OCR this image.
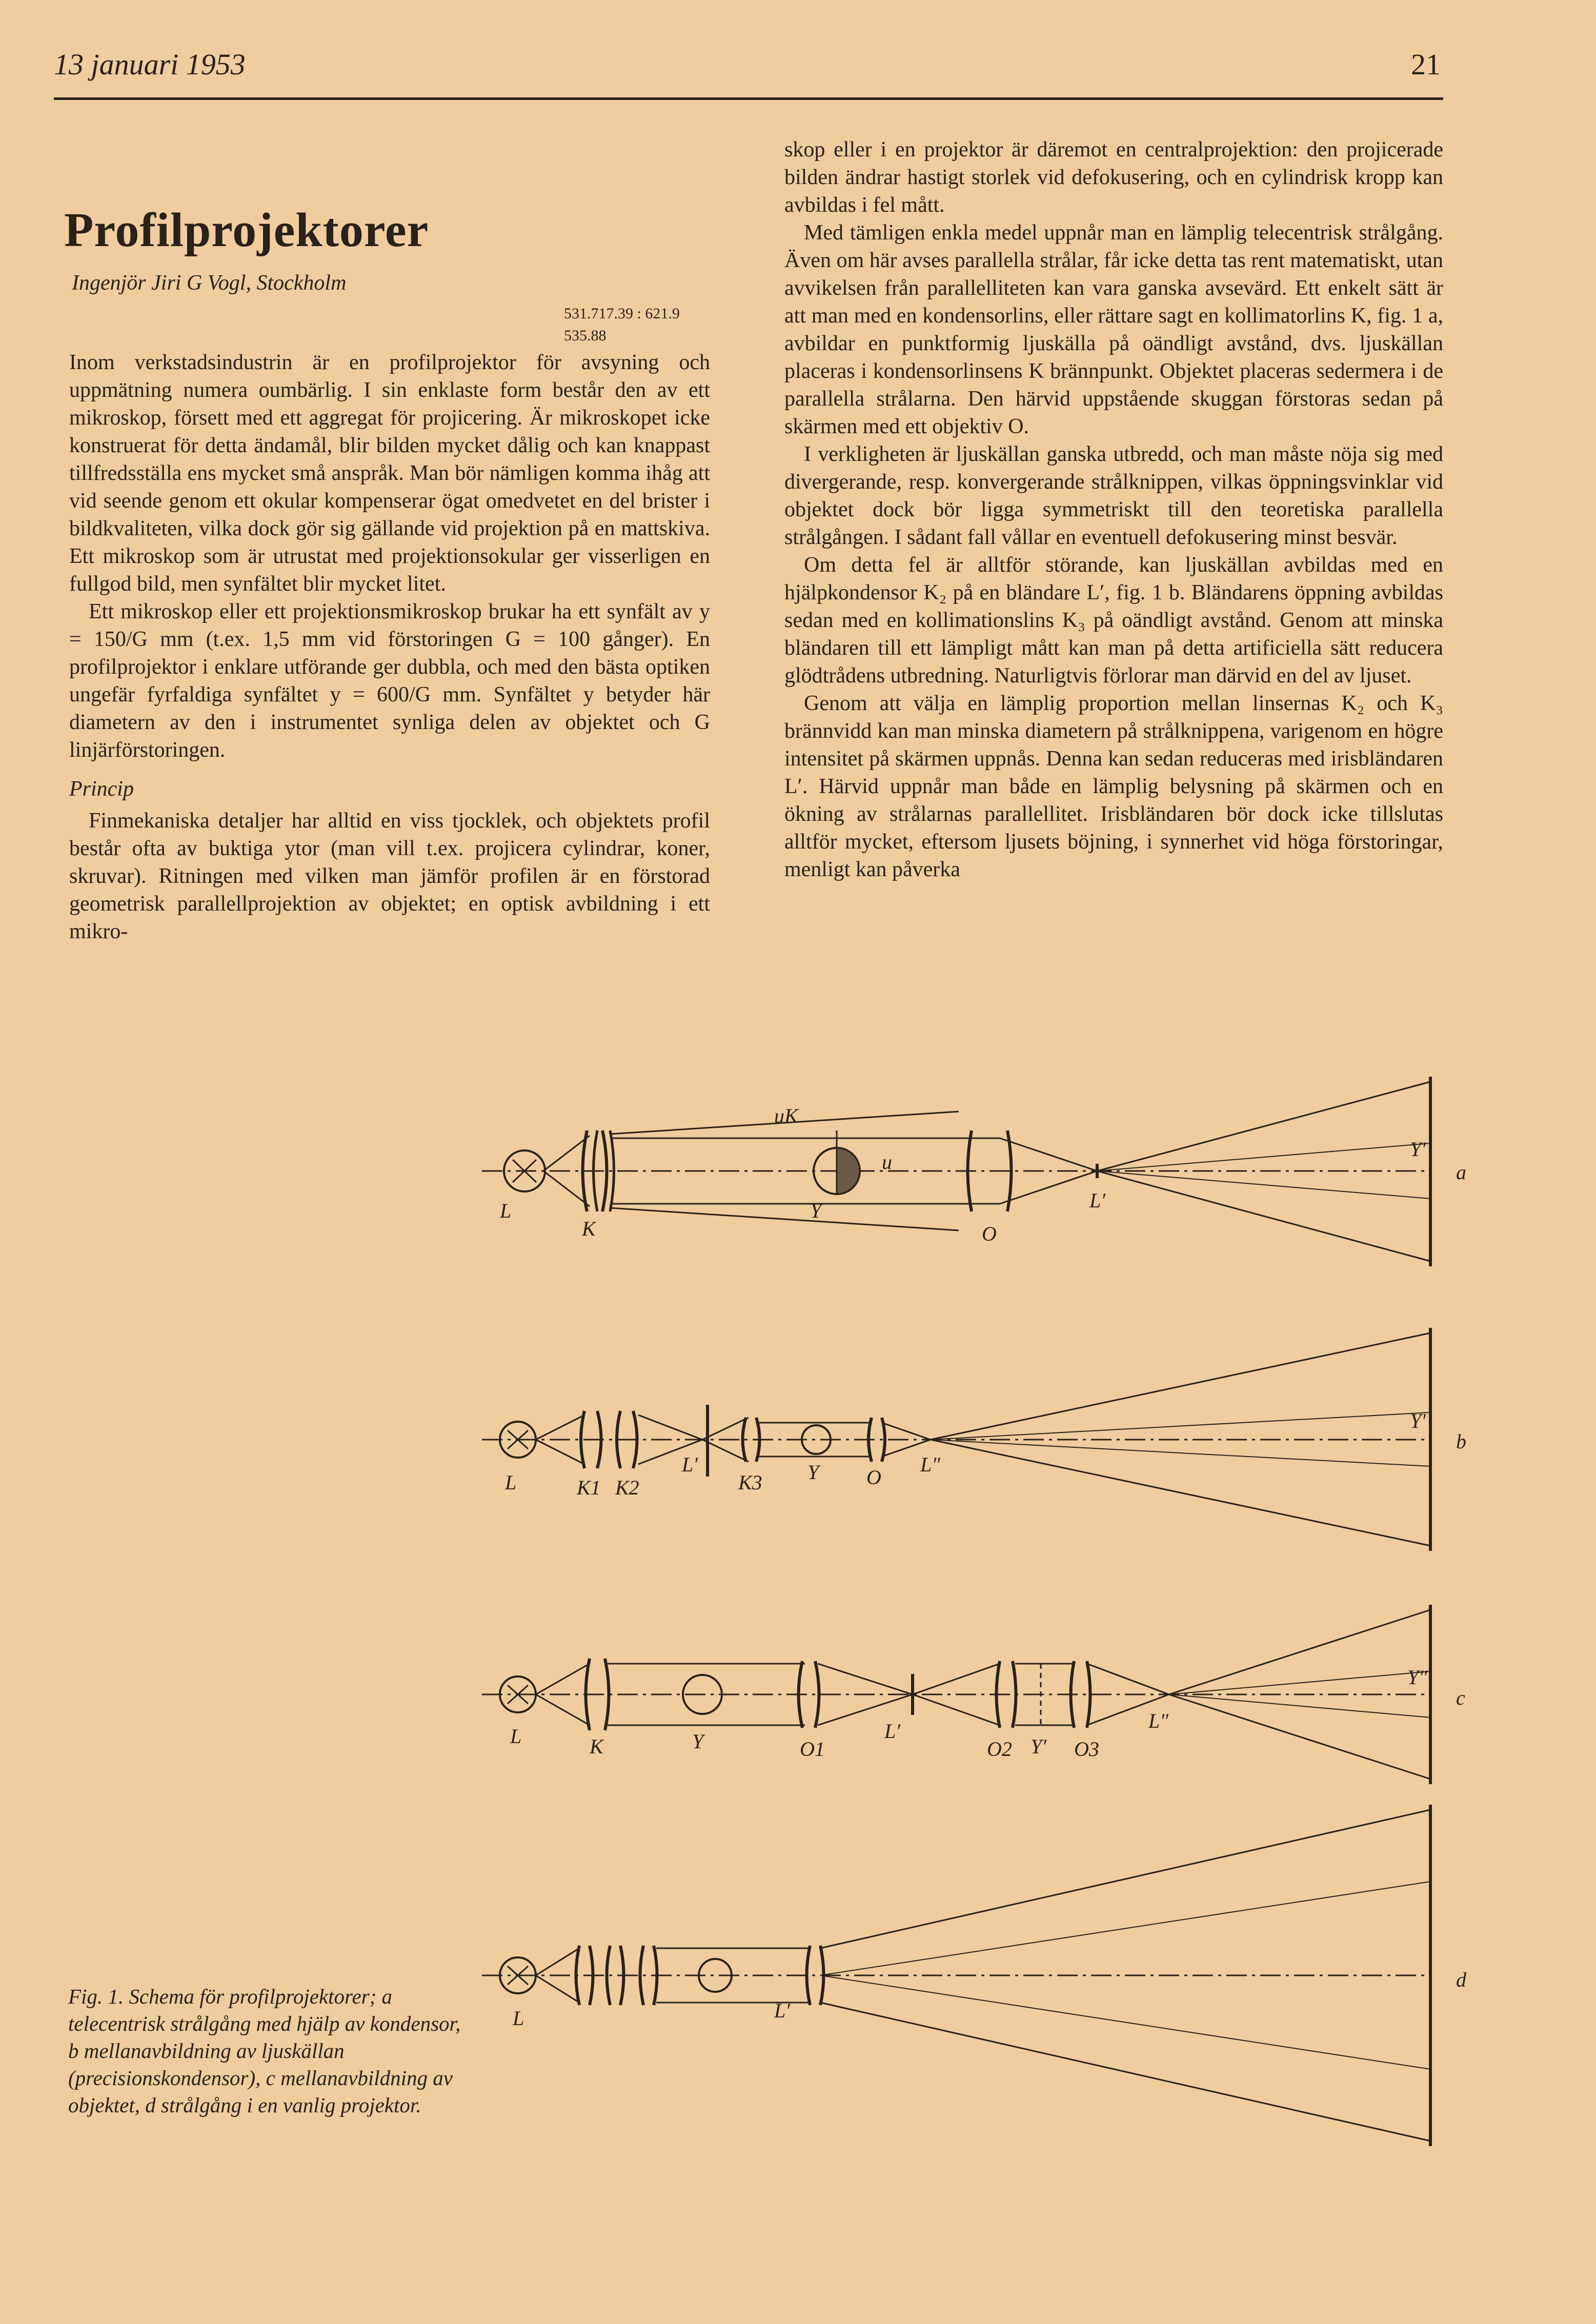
13 januari 1953	21
Profilprojektorer
Ingenjör Jiri G Vogl, Stockholm
531.717.39 : 621.9
535.88

Inom verkstadsindustrin är en profilprojektor för avsyning och uppmätning numera oumbärlig. I sin enklaste form består den av ett mikroskop, försett med ett aggregat för projicering. Är mikroskopet icke konstruerat för detta ändamål, blir bilden mycket dålig och kan knappast tillfredsställa ens mycket små anspråk. Man bör nämligen komma ihåg att vid seende genom ett okular kompenserar ögat omedvetet en del brister i bildkvaliteten, vilka dock gör sig gällande vid projektion på en mattskiva. Ett mikroskop som är utrustat med projektionsokular ger visserligen en fullgod bild, men synfältet blir mycket litet.

Ett mikroskop eller ett projektionsmikroskop brukar ha ett synfält av y = 150/G mm (t.ex. 1,5 mm vid förstoringen G = 100 gånger). En profilprojektor i enklare utförande ger dubbla, och med den bästa optiken ungefär fyrfaldiga synfältet y = 600/G mm. Synfältet y betyder här diametern av den i instrumentet synliga delen av objektet och G linjärförstoringen.

Princip

Finmekaniska detaljer har alltid en viss tjocklek, och objektets profil består ofta av buktiga ytor (man vill t.ex. projicera cylindrar, koner, skruvar). Ritningen med vilken man jämför profilen är en förstorad geometrisk parallellprojektion av objektet; en optisk avbildning i ett mikro-

skop eller i en projektor är däremot en centralprojektion: den projicerade bilden ändrar hastigt storlek vid defokusering, och en cylindrisk kropp kan avbildas i fel mått.

Med tämligen enkla medel uppnår man en lämplig telecentrisk strålgång. Även om här avses parallella strålar, får icke detta tas rent matematiskt, utan avvikelsen från parallelliteten kan vara ganska avsevärd. Ett enkelt sätt är att man med en kondensorlins, eller rättare sagt en kollimatorlins K, fig. 1 a, avbildar en punktformig ljuskälla på oändligt avstånd, dvs. ljuskällan placeras i kondensorlinsens K brännpunkt. Objektet placeras sedermera i de parallella strålarna. Den härvid uppstående skuggan förstoras sedan på skärmen med ett objektiv O.

I verkligheten är ljuskällan ganska utbredd, och man måste nöja sig med divergerande, resp. konvergerande strålknippen, vilkas öppningsvinklar vid objektet dock bör ligga symmetriskt till den teoretiska parallella strålgången. I sådant fall vållar en eventuell defokusering minst besvär.

Om detta fel är alltför störande, kan ljuskällan avbildas med en hjälpkondensor K₂ på en bländare L′, fig. 1 b. Bländarens öppning avbildas sedan med en kollimationslins K₃ på oändligt avstånd. Genom att minska bländaren till ett lämpligt mått kan man på detta artificiella sätt reducera glödtrådens utbredning. Naturligtvis förlorar man därvid en del av ljuset.

Genom att välja en lämplig proportion mellan linsernas K₂ och K₃ brännvidd kan man minska diametern på strålknippena, varigenom en högre intensitet på skärmen uppnås. Denna kan sedan reduceras med irisbländaren L′. Härvid uppnår man både en lämplig belysning på skärmen och en ökning av strålarnas parallellitet. Irisbländaren bör dock icke tillslutas alltför mycket, eftersom ljusets böjning, i synnerhet vid höga förstoringar, menligt kan påverka

L
K
Y
O
L′
Y′
uK
u	a
L	K1 K2
L′
K3 Y O
L″
Y′
b
L	K	Y	O1
L′
O2 Y′ O3
L″
Y″
c
L	L′
d
Fig. 1. Schema för profilprojektorer; a telecentrisk strålgång med hjälp av kondensor, b mellanavbildning av ljuskällan (precisionskondensor), c mellanavbildning av objektet, d strålgång i en vanlig projektor.
